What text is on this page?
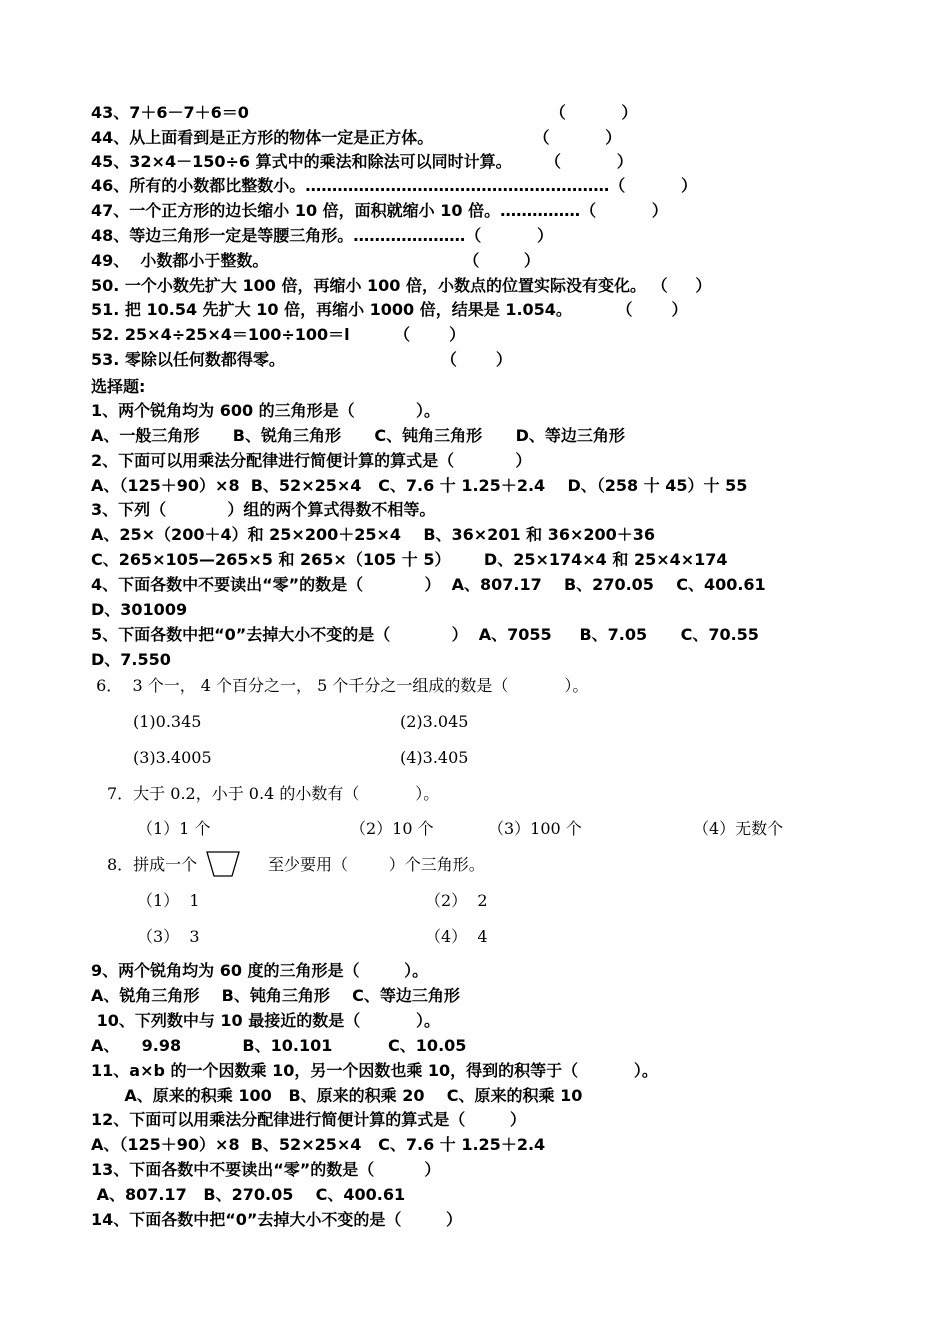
43、7＋6－7＋6＝0                                                      （          ）
44、从上面看到是正方形的物体一定是正方体。                  （          ）
45、32×4－150÷6 算式中的乘法和除法可以同时计算。      （          ）
46、所有的小数都比整数小。…………………………………………………（          ）
47、一个正方形的边长缩小 10 倍，面积就缩小 10 倍。……………（          ）
48、等边三角形一定是等腰三角形。…………………（          ）
49、  小数都小于整数。                                   （        ）
50. 一个小数先扩大 100 倍，再缩小 100 倍，小数点的位置实际没有变化。 （     ）
51. 把 10.54 先扩大 10 倍，再缩小 1000 倍，结果是 1.054。        （       ）
52. 25×4÷25×4＝100÷100＝l        （       ）
53. 零除以任何数都得零。                            （       ）
选择题:
1、两个锐角均为 600 的三角形是（           ）。
A、一般三角形      B、锐角三角形      C、钝角三角形      D、等边三角形
2、下面可以用乘法分配律进行简便计算的算式是（           ）
A、（125＋90）×8  B、52×25×4   C、7.6 十 1.25＋2.4    D、（258 十 45）十 55
3、下列（           ）组的两个算式得数不相等。
A、25×（200＋4）和 25×200＋25×4    B、36×201 和 36×200＋36
C、265×105—265×5 和 265×（105 十 5）      D、25×174×4 和 25×4×174
4、下面各数中不要读出“零”的数是（           ）  A、807.17    B、270.05    C、400.61
D、301009
5、下面各数中把“0”去掉大小不变的是（           ）  A、7055     B、7.05      C、70.55
D、7.550
6．  3 个一， 4 个百分之一， 5 个千分之一组成的数是（           ）。
(1)0.345	(2)3.045
(3)3.4005	(4)3.405
7．大于 0.2，小于 0.4 的小数有（           ）。
（1）1 个	（2）10 个	（3）100 个	（4）无数个
8．拼成一个	至少要用（        ）个三角形。
（1）  1	（2）  2
（3）  3	（4）  4
9、两个锐角均为 60 度的三角形是（        ）。
A、锐角三角形    B、钝角三角形    C、等边三角形
10、下列数中与 10 最接近的数是（          ）。
A、    9.98           B、10.101          C、10.05
11、a×b 的一个因数乘 10，另一个因数也乘 10，得到的积等于（          ）。
A、原来的积乘 100   B、原来的积乘 20    C、原来的积乘 10
12、下面可以用乘法分配律进行简便计算的算式是（        ）
A、（125＋90）×8  B、52×25×4   C、7.6 十 1.25＋2.4
13、下面各数中不要读出“零”的数是（         ）
A、807.17   B、270.05    C、400.61
14、下面各数中把“0”去掉大小不变的是（        ）
